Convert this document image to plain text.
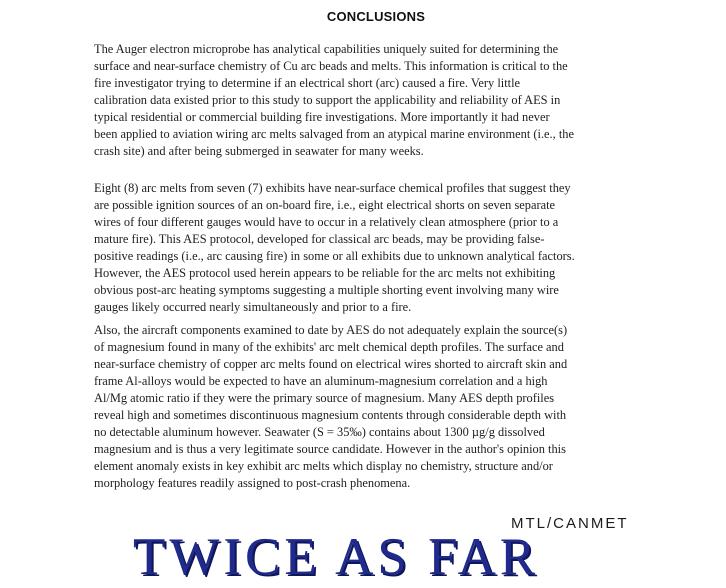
CONCLUSIONS

The Auger electron microprobe has analytical capabilities uniquely suited for determining the
surface and near-surface chemistry of Cu arc beads and melts. This information is critical to the
fire investigator trying to determine if an electrical short (arc) caused a fire. Very little
calibration data existed prior to this study to support the applicability and reliability of AES in
typical residential or commercial building fire investigations. More importantly it had never
been applied to aviation wiring arc melts salvaged from an atypical marine environment (i.e., the
crash site) and after being submerged in seawater for many weeks.

Eight (8) arc melts from seven (7) exhibits have near-surface chemical profiles that suggest they
are possible ignition sources of an on-board fire, i.e., eight electrical shorts on seven separate
wires of four different gauges would have to occur in a relatively clean atmosphere (prior to a
mature fire). This AES protocol, developed for classical arc beads, may be providing false-
positive readings (i.e., arc causing fire) in some or all exhibits due to unknown analytical factors.
However, the AES protocol used herein appears to be reliable for the arc melts not exhibiting
obvious post-arc heating symptoms suggesting a multiple shorting event involving many wire
gauges likely occurred nearly simultaneously and prior to a fire.

Also, the aircraft components examined to date by AES do not adequately explain the source(s)
of magnesium found in many of the exhibits' arc melt chemical depth profiles. The surface and
near-surface chemistry of copper arc melts found on electrical wires shorted to aircraft skin and
frame Al-alloys would be expected to have an aluminum-magnesium correlation and a high
Al/Mg atomic ratio if they were the primary source of magnesium. Many AES depth profiles
reveal high and sometimes discontinuous magnesium contents through considerable depth with
no detectable aluminum however. Seawater (S = 35‰) contains about 1300 µg/g dissolved
magnesium and is thus a very legitimate source candidate. However in the author's opinion this
element anomaly exists in key exhibit arc melts which display no chemistry, structure and/or
morphology features readily assigned to post-crash phenomena.

MTL/CANMET
TWICE AS FAR
